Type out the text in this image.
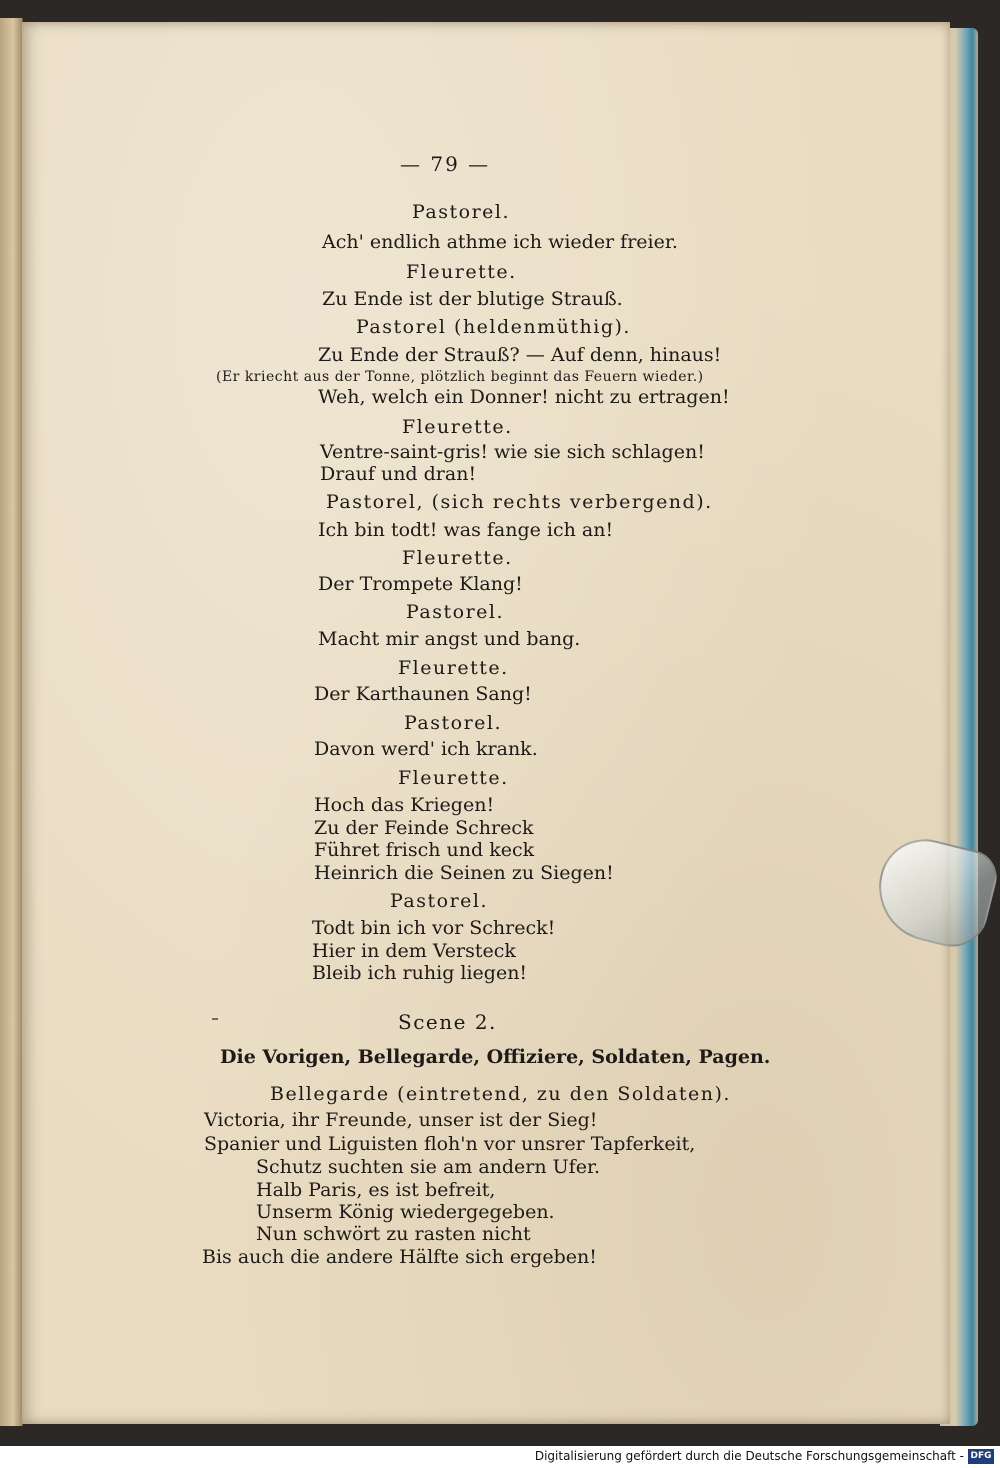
— 79 —

Pastorel.

Ach' endlich athme ich wieder freier.

Fleurette.

Zu Ende ist der blutige Strauß.

Pastorel (heldenmüthig).

Zu Ende der Strauß? — Auf denn, hinaus!

(Er kriecht aus der Tonne, plötzlich beginnt das Feuern wieder.)

Weh, welch ein Donner! nicht zu ertragen!

Fleurette.

Ventre-saint-gris! wie sie sich schlagen!

Drauf und dran!

Pastorel, (sich rechts verbergend).

Ich bin todt! was fange ich an!

Fleurette.

Der Trompete Klang!

Pastorel.

Macht mir angst und bang.

Fleurette.

Der Karthaunen Sang!

Pastorel.

Davon werd' ich krank.

Fleurette.

Hoch das Kriegen!

Zu der Feinde Schreck

Führet frisch und keck

Heinrich die Seinen zu Siegen!

Pastorel.

Todt bin ich vor Schreck!

Hier in dem Versteck

Bleib ich ruhig liegen!

Scene 2.

Die Vorigen, Bellegarde, Offiziere, Soldaten, Pagen.

Bellegarde (eintretend, zu den Soldaten).

Victoria, ihr Freunde, unser ist der Sieg!

Spanier und Liguisten floh'n vor unsrer Tapferkeit,

Schutz suchten sie am andern Ufer.

Halb Paris, es ist befreit,

Unserm König wiedergegeben.

Nun schwört zu rasten nicht

Bis auch die andere Hälfte sich ergeben!

Digitalisierung gefördert durch die Deutsche Forschungsgemeinschaft - DFG
